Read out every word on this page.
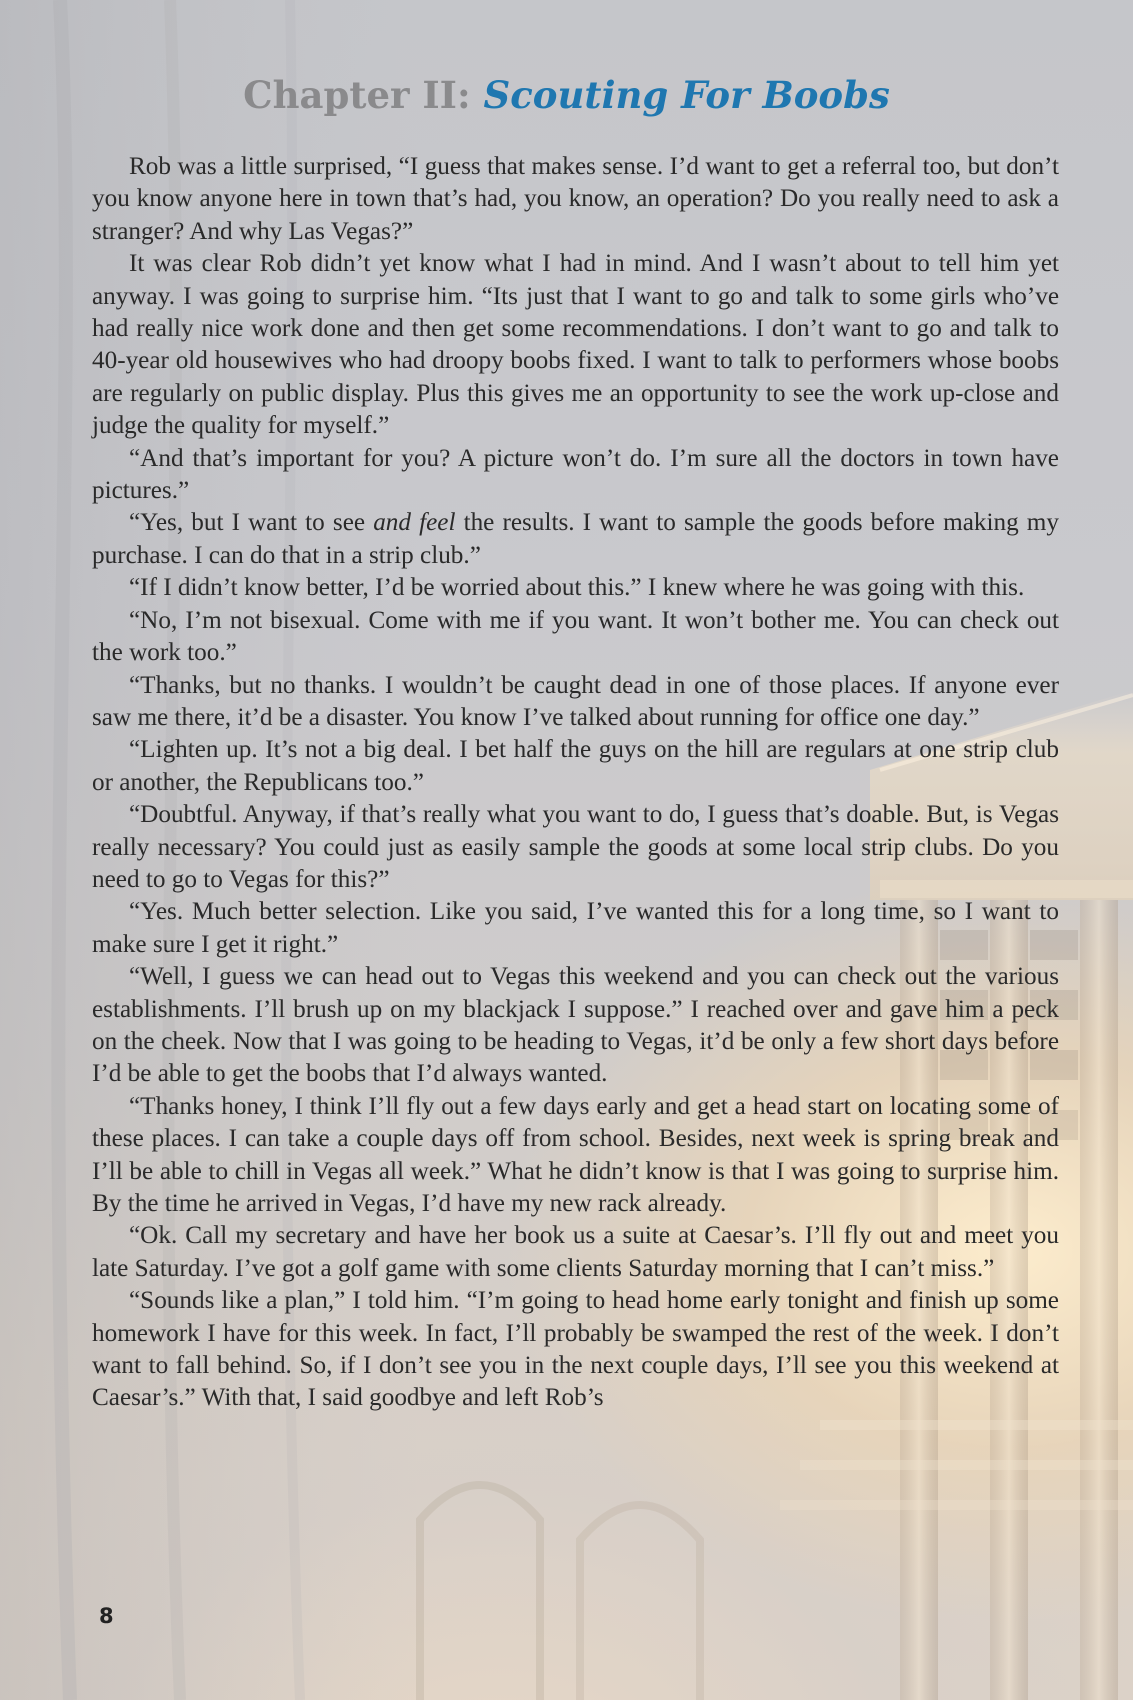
Chapter II: Scouting For Boobs

Rob was a little surprised, “I guess that makes sense. I’d want to get a referral too, but don’t you know anyone here in town that’s had, you know, an operation? Do you really need to ask a stranger? And why Las Vegas?”

It was clear Rob didn’t yet know what I had in mind. And I wasn’t about to tell him yet anyway. I was going to surprise him. “Its just that I want to go and talk to some girls who’ve had really nice work done and then get some recommendations. I don’t want to go and talk to 40-year old housewives who had droopy boobs fixed. I want to talk to performers whose boobs are regularly on public display. Plus this gives me an opportunity to see the work up-close and judge the quality for myself.”

“And that’s important for you? A picture won’t do. I’m sure all the doctors in town have pictures.”

“Yes, but I want to see and feel the results. I want to sample the goods before making my purchase. I can do that in a strip club.”

“If I didn’t know better, I’d be worried about this.” I knew where he was going with this.

“No, I’m not bisexual. Come with me if you want. It won’t bother me. You can check out the work too.”

“Thanks, but no thanks. I wouldn’t be caught dead in one of those places. If anyone ever saw me there, it’d be a disaster. You know I’ve talked about running for office one day.”

“Lighten up. It’s not a big deal. I bet half the guys on the hill are regulars at one strip club or another, the Republicans too.”

“Doubtful. Anyway, if that’s really what you want to do, I guess that’s doable. But, is Vegas really necessary? You could just as easily sample the goods at some local strip clubs. Do you need to go to Vegas for this?”

“Yes. Much better selection. Like you said, I’ve wanted this for a long time, so I want to make sure I get it right.”

“Well, I guess we can head out to Vegas this weekend and you can check out the various establishments. I’ll brush up on my blackjack I suppose.” I reached over and gave him a peck on the cheek. Now that I was going to be heading to Vegas, it’d be only a few short days before I’d be able to get the boobs that I’d always wanted.

“Thanks honey, I think I’ll fly out a few days early and get a head start on locating some of these places. I can take a couple days off from school. Besides, next week is spring break and I’ll be able to chill in Vegas all week.” What he didn’t know is that I was going to surprise him. By the time he arrived in Vegas, I’d have my new rack already.

“Ok. Call my secretary and have her book us a suite at Caesar’s. I’ll fly out and meet you late Saturday. I’ve got a golf game with some clients Saturday morning that I can’t miss.”

“Sounds like a plan,” I told him. “I’m going to head home early tonight and finish up some homework I have for this week. In fact, I’ll probably be swamped the rest of the week. I don’t want to fall behind. So, if I don’t see you in the next couple days, I’ll see you this weekend at Caesar’s.” With that, I said goodbye and left Rob’s

8
